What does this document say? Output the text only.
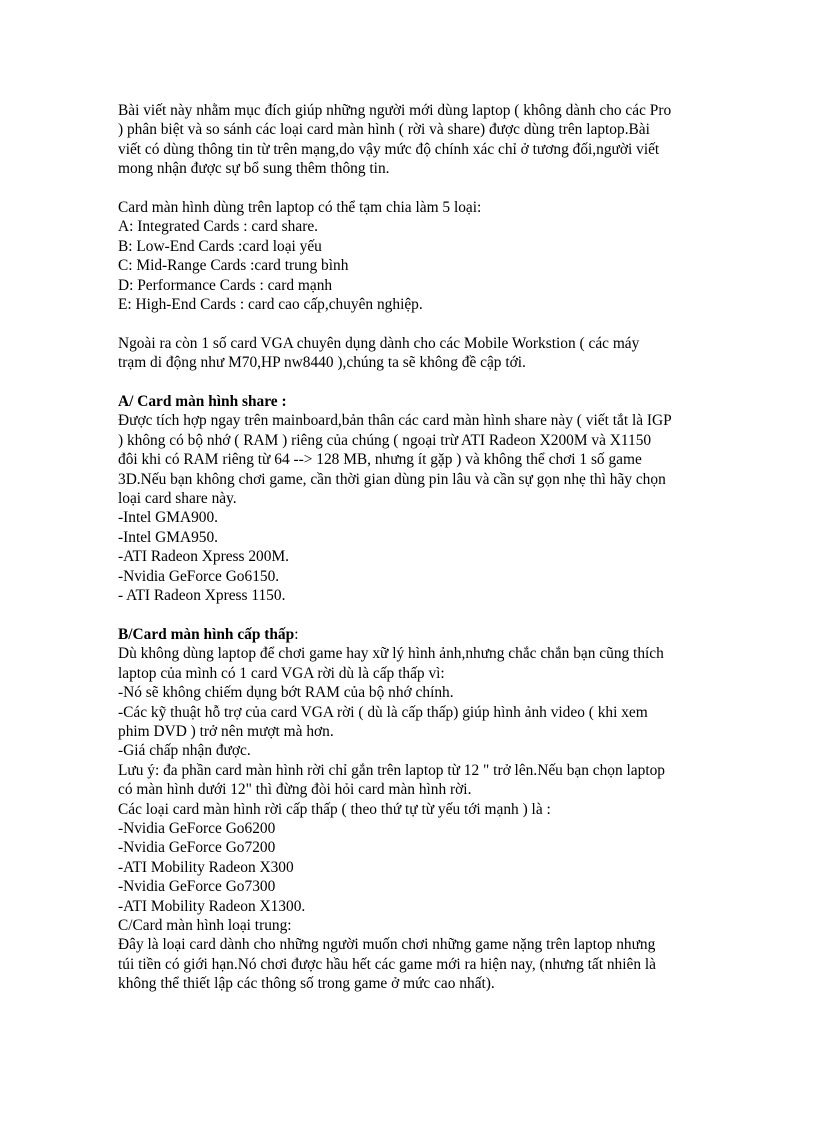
Bài viết này nhằm mục đích giúp những người mới dùng laptop ( không dành cho các Pro
) phân biệt và so sánh các loại card màn hình ( rời và share) được dùng trên laptop.Bài
viết có dùng thông tin từ trên mạng,do vậy mức độ chính xác chỉ ở tương đối,người viết
mong nhận được sự bổ sung thêm thông tin.

Card màn hình dùng trên laptop có thể tạm chia làm 5 loại:
A: Integrated Cards : card share.
B: Low-End Cards :card loại yếu
C: Mid-Range Cards :card trung bình
D: Performance Cards : card mạnh
E: High-End Cards : card cao cấp,chuyên nghiệp.

Ngoài ra còn 1 số card VGA chuyên dụng dành cho các Mobile Workstion ( các máy
trạm di động như M70,HP nw8440 ),chúng ta sẽ không đề cập tới.

A/ Card màn hình share :
Được tích hợp ngay trên mainboard,bản thân các card màn hình share này ( viết tắt là IGP
) không có bộ nhớ ( RAM ) riêng của chúng ( ngoại trừ ATI Radeon X200M và X1150
đôi khi có RAM riêng từ 64 --> 128 MB, nhưng ít gặp ) và không thể chơi 1 số game
3D.Nếu bạn không chơi game, cần thời gian dùng pin lâu và cần sự gọn nhẹ thì hãy chọn
loại card share này.
-Intel GMA900.
-Intel GMA950.
-ATI Radeon Xpress 200M.
-Nvidia GeForce Go6150.
- ATI Radeon Xpress 1150.

B/Card màn hình cấp thấp:
Dù không dùng laptop để chơi game hay xữ lý hình ảnh,nhưng chắc chắn bạn cũng thích
laptop của mình có 1 card VGA rời dù là cấp thấp vì:
-Nó sẽ không chiếm dụng bớt RAM của bộ nhớ chính.
-Các kỹ thuật hỗ trợ của card VGA rời ( dù là cấp thấp) giúp hình ảnh video ( khi xem
phim DVD ) trở nên mượt mà hơn.
-Giá chấp nhận được.
Lưu ý: đa phần card màn hình rời chỉ gắn trên laptop từ 12 " trở lên.Nếu bạn chọn laptop
có màn hình dưới 12" thì đừng đòi hỏi card màn hình rời.
Các loại card màn hình rời cấp thấp ( theo thứ tự từ yếu tới mạnh ) là :
-Nvidia GeForce Go6200
-Nvidia GeForce Go7200
-ATI Mobility Radeon X300
-Nvidia GeForce Go7300
-ATI Mobility Radeon X1300.

C/Card màn hình loại trung:
Đây là loại card dành cho những người muốn chơi những game nặng trên laptop nhưng
túi tiền có giới hạn.Nó chơi được hầu hết các game mới ra hiện nay, (nhưng tất nhiên là
không thể thiết lập các thông số trong game ở mức cao nhất).
